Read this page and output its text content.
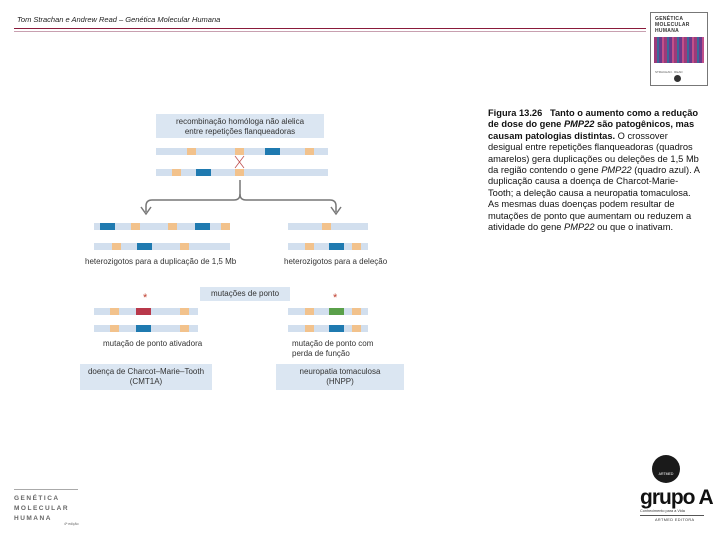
Tom Strachan e Andrew Read – Genética Molecular Humana	GENÉTICA
MOLECULAR
HUMANA
STRACHAN · READ
recombinação homóloga não alelica
entre repetições flanqueadoras
heterozigotos para a duplicação de 1,5 Mb	heterozigotos para a deleção
mutações de ponto
*	*
mutação de ponto ativadora	mutação de ponto com
perda de função
doença de Charcot–Marie–Tooth
(CMT1A)
neuropatia tomaculosa
(HNPP)
Figura 13.26 Tanto o aumento como a redução de dose do gene PMP22 são patogênicos, mas causam patologias distintas. O crossover desigual entre repetições flanqueadoras (quadros amarelos) gera duplicações ou deleções de 1,5 Mb da região contendo o gene PMP22 (quadro azul). A duplicação causa a doença de Charcot-Marie-Tooth; a deleção causa a neuropatia tomaculosa. As mesmas duas doenças podem resultar de mutações de ponto que aumentam ou reduzem a atividade do gene PMP22 ou que o inativam.
GENÉTICA
MOLECULAR
HUMANA
4ª edição
ARTMED
grupo A
Conhecimento para a Vida
ARTMED EDITORA
